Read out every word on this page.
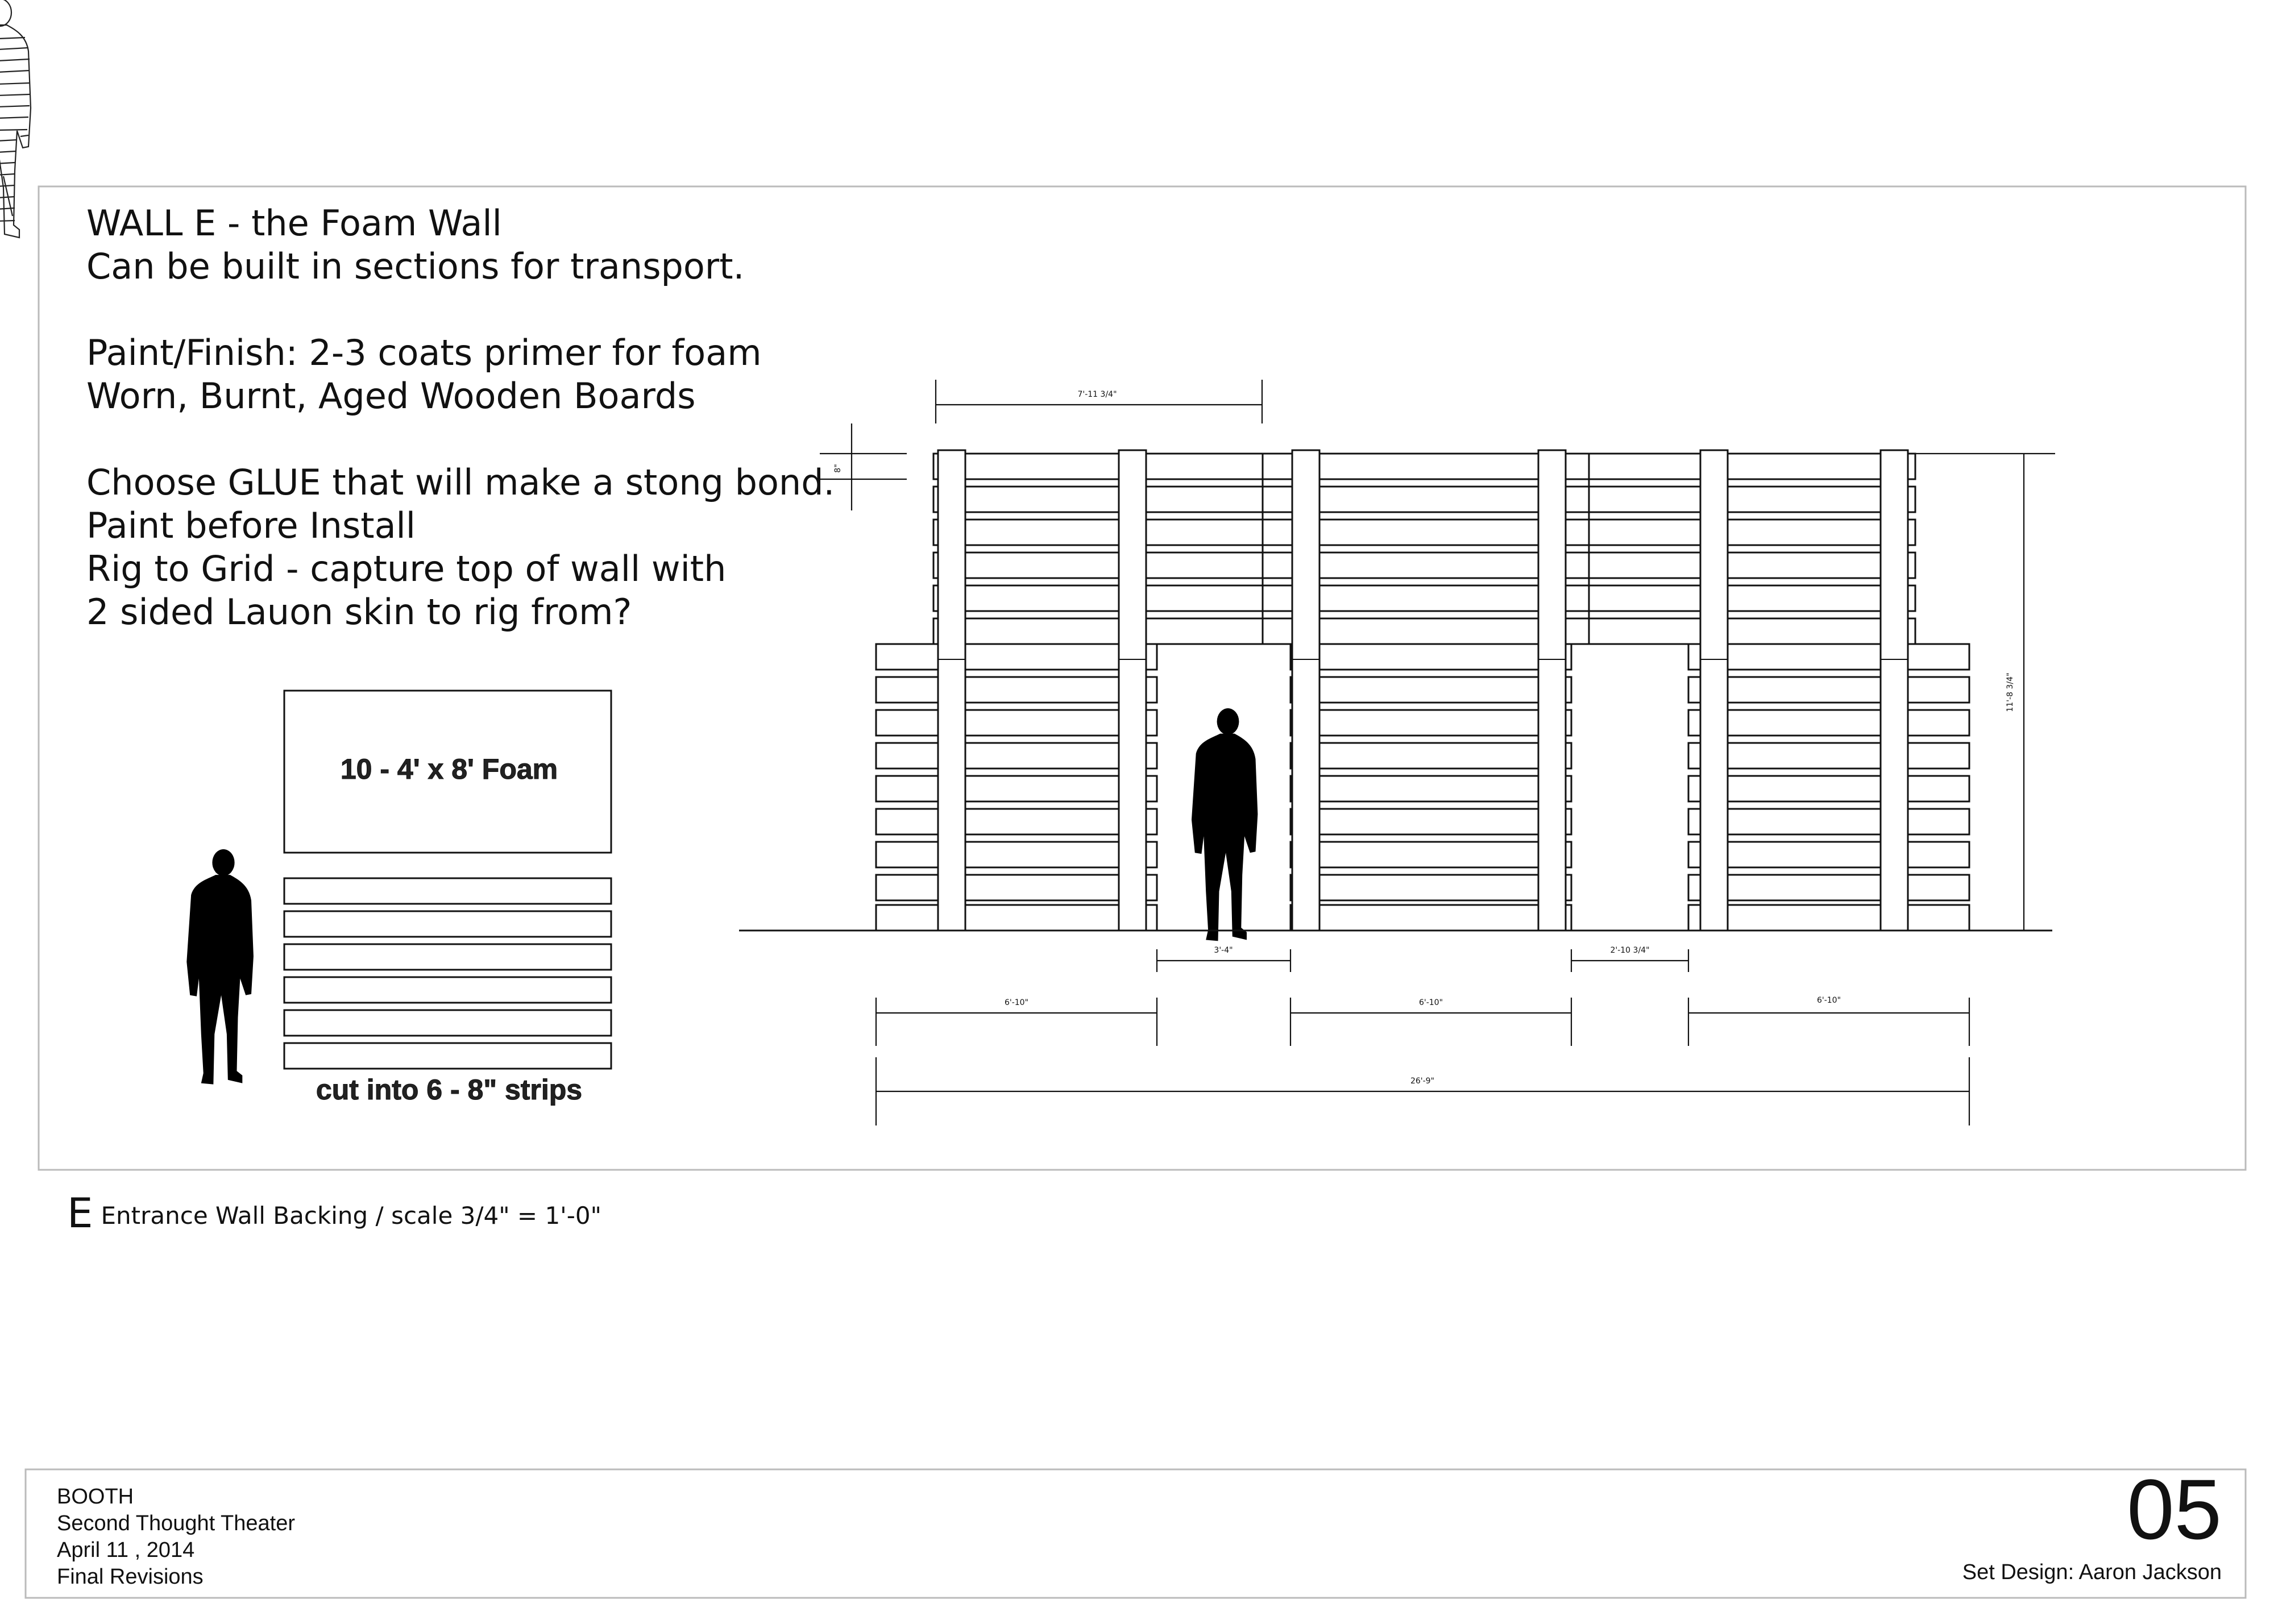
7'-11 3/4"
8"
11'-8 3/4"
3'-4"	2'-10 3/4"
6'-10"	6'-10"	6'-10"
26'-9"
WALL E - the Foam Wall
Can be built in sections for transport.
Paint/Finish: 2-3 coats primer for foam
Worn, Burnt, Aged Wooden Boards
Choose GLUE that will make a stong bond.
Paint before Install
Rig to Grid - capture top of wall with
2 sided Lauon skin to rig from?
10 - 4' x 8' Foam
cut into 6 - 8" strips
E Entrance Wall Backing / scale 3/4" = 1'-0"
BOOTH
Second Thought Theater
April 11 , 2014
Final Revisions
05
Set Design: Aaron Jackson
